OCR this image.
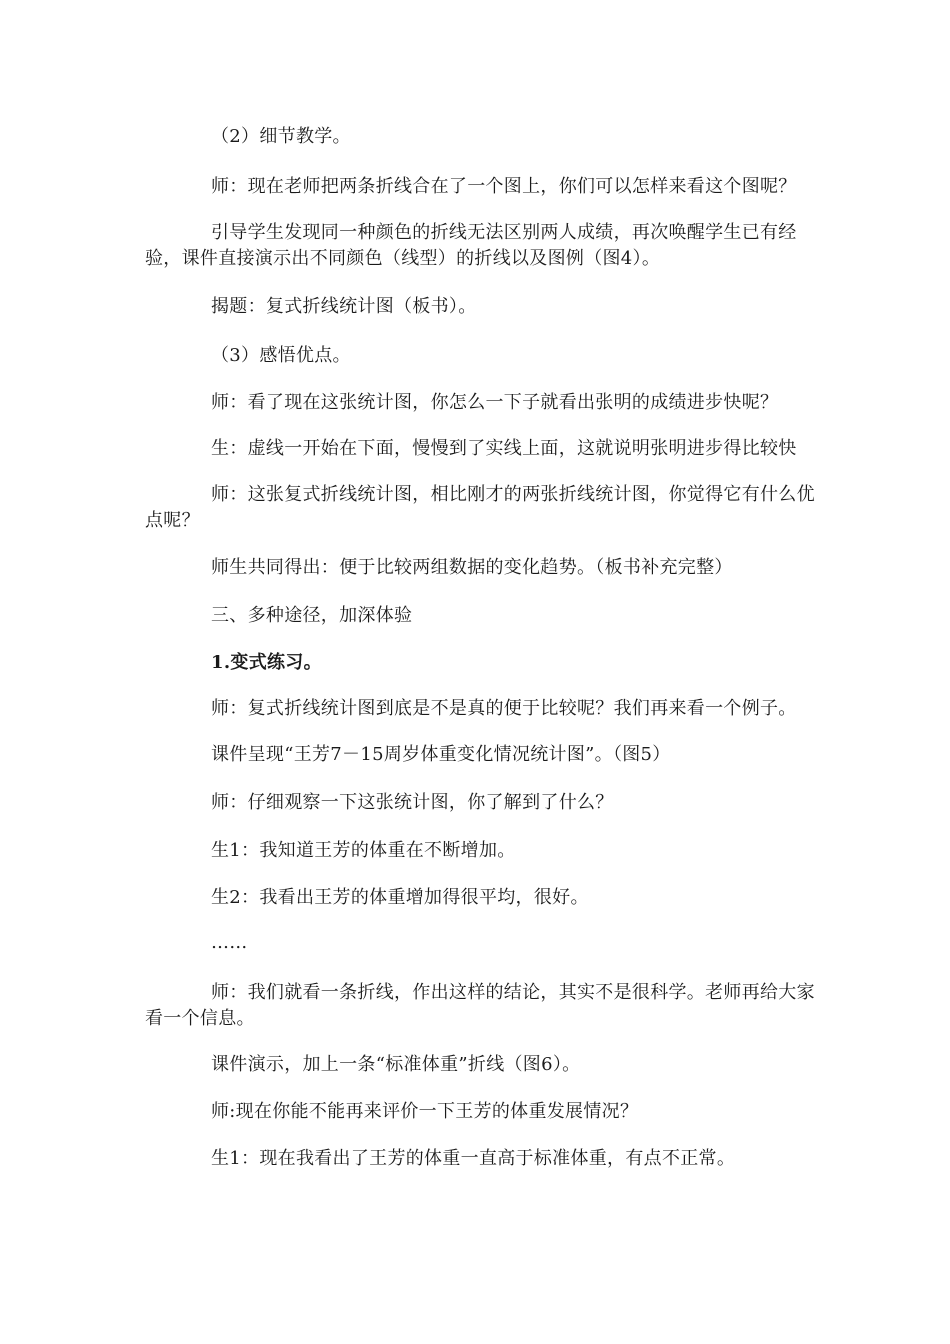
（2）细节教学。

师：现在老师把两条折线合在了一个图上，你们可以怎样来看这个图呢？

引导学生发现同一种颜色的折线无法区别两人成绩，再次唤醒学生已有经验，课件直接演示出不同颜色（线型）的折线以及图例（图4）。

揭题：复式折线统计图（板书）。

（3）感悟优点。

师：看了现在这张统计图，你怎么一下子就看出张明的成绩进步快呢？

生：虚线一开始在下面，慢慢到了实线上面，这就说明张明进步得比较快

师：这张复式折线统计图，相比刚才的两张折线统计图，你觉得它有什么优点呢？

师生共同得出：便于比较两组数据的变化趋势。（板书补充完整）

三、多种途径，加深体验

1.变式练习。

师：复式折线统计图到底是不是真的便于比较呢？我们再来看一个例子。

课件呈现“王芳7－15周岁体重变化情况统计图”。（图5）

师：仔细观察一下这张统计图，你了解到了什么？

生1：我知道王芳的体重在不断增加。

生2：我看出王芳的体重增加得很平均，很好。

……

师：我们就看一条折线，作出这样的结论，其实不是很科学。老师再给大家看一个信息。

课件演示，加上一条“标准体重”折线（图6）。

师:现在你能不能再来评价一下王芳的体重发展情况？

生1：现在我看出了王芳的体重一直高于标准体重，有点不正常。
